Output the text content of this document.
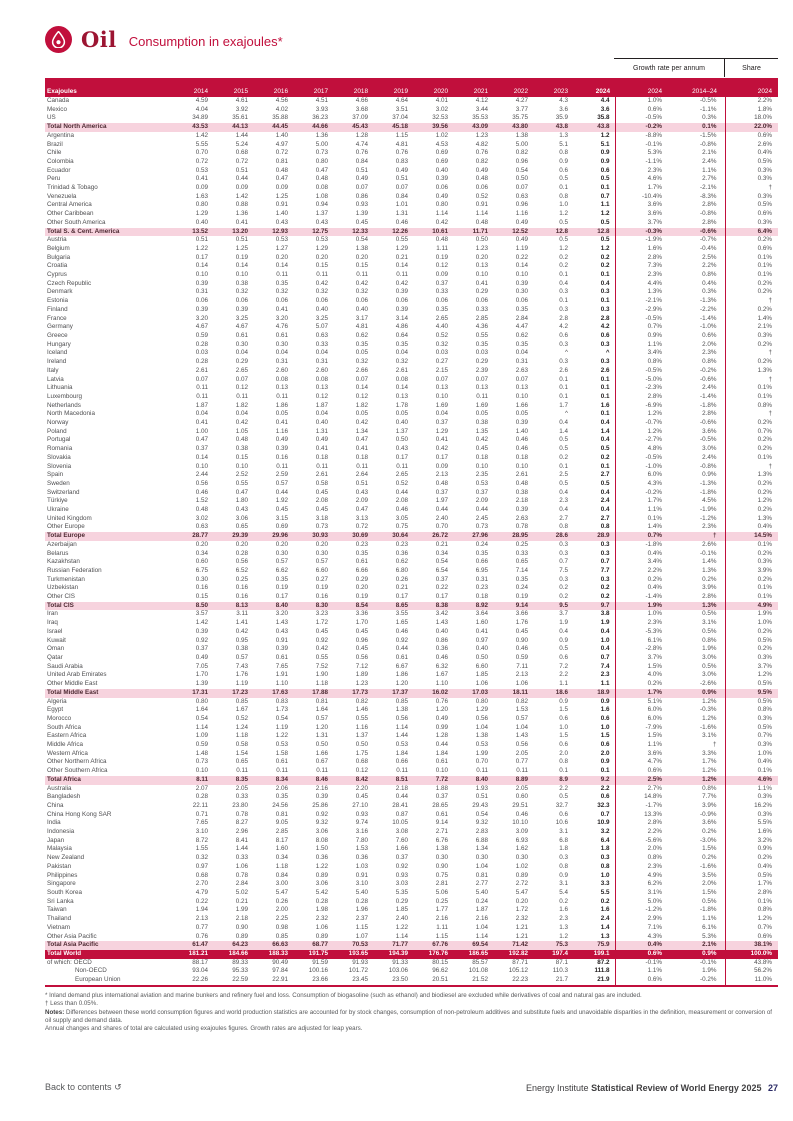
Oil Consumption in exajoules*
Growth rate per annum	Share
Exajoules	2014	2015	2016	2017	2018	2019	2020	2021	2022	2023	2024	2024	2014–24	2024
Canada	4.59	4.61	4.56	4.51	4.66	4.64	4.01	4.12	4.27	4.3	4.4	1.0%	-0.5%	2.2%
Mexico	4.04	3.92	4.02	3.93	3.68	3.51	3.02	3.44	3.77	3.6	3.6	0.6%	-1.1%	1.8%
US	34.89	35.61	35.88	36.23	37.09	37.04	32.53	35.53	35.75	35.9	35.8	-0.5%	0.3%	18.0%
Total North America	43.53	44.13	44.45	44.66	45.43	45.18	39.56	43.09	43.80	43.8	43.8	-0.2%	0.1%	22.0%
Argentina	1.42	1.44	1.40	1.36	1.28	1.15	1.02	1.23	1.38	1.3	1.2	-8.8%	-1.5%	0.6%
Brazil	5.55	5.24	4.97	5.00	4.74	4.81	4.53	4.82	5.00	5.1	5.1	-0.1%	-0.8%	2.6%
Chile	0.70	0.68	0.72	0.73	0.76	0.76	0.69	0.76	0.82	0.8	0.9	5.3%	2.1%	0.4%
Colombia	0.72	0.72	0.81	0.80	0.84	0.83	0.69	0.82	0.96	0.9	0.9	-1.1%	2.4%	0.5%
Ecuador	0.53	0.51	0.48	0.47	0.51	0.49	0.40	0.49	0.54	0.6	0.6	2.3%	1.1%	0.3%
Peru	0.41	0.44	0.47	0.48	0.49	0.51	0.39	0.48	0.50	0.5	0.5	4.6%	2.7%	0.3%
Trinidad & Tobago	0.09	0.09	0.09	0.08	0.07	0.07	0.06	0.06	0.07	0.1	0.1	1.7%	-2.1%	†
Venezuela	1.63	1.42	1.25	1.08	0.86	0.84	0.49	0.52	0.63	0.8	0.7	-10.4%	-8.3%	0.3%
Central America	0.80	0.88	0.91	0.94	0.93	1.01	0.80	0.91	0.96	1.0	1.1	3.6%	2.8%	0.5%
Other Caribbean	1.29	1.36	1.40	1.37	1.39	1.31	1.14	1.14	1.16	1.2	1.2	3.6%	-0.8%	0.6%
Other South America	0.40	0.41	0.43	0.43	0.45	0.46	0.42	0.48	0.49	0.5	0.5	3.7%	2.8%	0.3%
Total S. & Cent. America	13.52	13.20	12.93	12.75	12.33	12.26	10.61	11.71	12.52	12.8	12.8	-0.3%	-0.6%	6.4%
Austria	0.51	0.51	0.53	0.53	0.54	0.55	0.48	0.50	0.49	0.5	0.5	-1.9%	-0.7%	0.2%
Belgium	1.22	1.25	1.27	1.29	1.38	1.29	1.11	1.23	1.19	1.2	1.2	1.6%	-0.4%	0.6%
Bulgaria	0.17	0.19	0.20	0.20	0.20	0.21	0.19	0.20	0.22	0.2	0.2	2.8%	2.5%	0.1%
Croatia	0.14	0.14	0.14	0.15	0.15	0.14	0.12	0.13	0.14	0.2	0.2	7.3%	2.2%	0.1%
Cyprus	0.10	0.10	0.11	0.11	0.11	0.11	0.09	0.10	0.10	0.1	0.1	2.3%	0.8%	0.1%
Czech Republic	0.39	0.38	0.35	0.42	0.42	0.42	0.37	0.41	0.39	0.4	0.4	4.4%	0.4%	0.2%
Denmark	0.31	0.32	0.32	0.32	0.32	0.39	0.33	0.29	0.30	0.3	0.3	1.3%	0.3%	0.2%
Estonia	0.06	0.06	0.06	0.06	0.06	0.06	0.06	0.06	0.06	0.1	0.1	-2.1%	-1.3%	†
Finland	0.39	0.39	0.41	0.40	0.40	0.39	0.35	0.33	0.35	0.3	0.3	-2.9%	-2.2%	0.2%
France	3.20	3.25	3.20	3.25	3.17	3.14	2.65	2.85	2.84	2.8	2.8	-0.5%	-1.4%	1.4%
Germany	4.67	4.67	4.76	5.07	4.81	4.86	4.40	4.36	4.47	4.2	4.2	0.7%	-1.0%	2.1%
Greece	0.59	0.61	0.61	0.63	0.62	0.64	0.52	0.55	0.62	0.6	0.6	0.9%	0.6%	0.3%
Hungary	0.28	0.30	0.30	0.33	0.35	0.35	0.32	0.35	0.35	0.3	0.3	1.1%	2.0%	0.2%
Iceland	0.03	0.04	0.04	0.04	0.05	0.04	0.03	0.03	0.04	^	^	3.4%	2.3%	†
Ireland	0.28	0.29	0.31	0.31	0.32	0.32	0.27	0.29	0.31	0.3	0.3	0.8%	0.8%	0.2%
Italy	2.61	2.65	2.60	2.60	2.66	2.61	2.15	2.39	2.63	2.6	2.6	-0.5%	-0.2%	1.3%
Latvia	0.07	0.07	0.08	0.08	0.07	0.08	0.07	0.07	0.07	0.1	0.1	-5.0%	-0.6%	†
Lithuania	0.11	0.12	0.13	0.13	0.14	0.14	0.13	0.13	0.13	0.1	0.1	-2.3%	2.4%	0.1%
Luxembourg	0.11	0.11	0.11	0.12	0.12	0.13	0.10	0.11	0.10	0.1	0.1	2.8%	-1.4%	0.1%
Netherlands	1.87	1.82	1.86	1.87	1.82	1.78	1.69	1.69	1.66	1.7	1.6	-6.9%	-1.8%	0.8%
North Macedonia	0.04	0.04	0.05	0.04	0.05	0.05	0.04	0.05	0.05	^	0.1	1.2%	2.8%	†
Norway	0.41	0.42	0.41	0.40	0.42	0.40	0.37	0.38	0.39	0.4	0.4	-0.7%	-0.6%	0.2%
Poland	1.00	1.05	1.16	1.31	1.34	1.37	1.29	1.35	1.40	1.4	1.4	1.2%	3.6%	0.7%
Portugal	0.47	0.48	0.49	0.49	0.47	0.50	0.41	0.42	0.46	0.5	0.4	-2.7%	-0.5%	0.2%
Romania	0.37	0.38	0.39	0.41	0.41	0.43	0.42	0.45	0.46	0.5	0.5	4.8%	3.0%	0.2%
Slovakia	0.14	0.15	0.16	0.18	0.18	0.17	0.17	0.18	0.18	0.2	0.2	-0.5%	2.4%	0.1%
Slovenia	0.10	0.10	0.11	0.11	0.11	0.11	0.09	0.10	0.10	0.1	0.1	-1.0%	-0.8%	†
Spain	2.44	2.52	2.59	2.61	2.64	2.65	2.13	2.35	2.61	2.5	2.7	6.0%	0.9%	1.3%
Sweden	0.56	0.55	0.57	0.58	0.51	0.52	0.48	0.53	0.48	0.5	0.5	4.3%	-1.3%	0.2%
Switzerland	0.46	0.47	0.44	0.45	0.43	0.44	0.37	0.37	0.38	0.4	0.4	-0.2%	-1.8%	0.2%
Türkiye	1.52	1.80	1.92	2.08	2.09	2.08	1.97	2.09	2.18	2.3	2.4	1.7%	4.5%	1.2%
Ukraine	0.48	0.43	0.45	0.45	0.47	0.46	0.44	0.44	0.39	0.4	0.4	1.1%	-1.9%	0.2%
United Kingdom	3.02	3.06	3.15	3.18	3.13	3.05	2.40	2.45	2.63	2.7	2.7	0.1%	-1.2%	1.3%
Other Europe	0.63	0.65	0.69	0.73	0.72	0.75	0.70	0.73	0.78	0.8	0.8	1.4%	2.3%	0.4%
Total Europe	28.77	29.39	29.96	30.93	30.69	30.64	26.72	27.96	28.95	28.6	28.9	0.7%	†	14.5%
Azerbaijan	0.20	0.20	0.20	0.20	0.23	0.23	0.21	0.24	0.25	0.3	0.3	-1.8%	2.6%	0.1%
Belarus	0.34	0.28	0.30	0.30	0.35	0.36	0.34	0.35	0.33	0.3	0.3	0.4%	-0.1%	0.2%
Kazakhstan	0.60	0.56	0.57	0.57	0.61	0.62	0.54	0.66	0.65	0.7	0.7	3.4%	1.4%	0.3%
Russian Federation	6.75	6.52	6.62	6.60	6.66	6.80	6.54	6.95	7.14	7.5	7.7	2.2%	1.3%	3.9%
Turkmenistan	0.30	0.25	0.35	0.27	0.29	0.26	0.37	0.31	0.35	0.3	0.3	0.2%	0.2%	0.2%
Uzbekistan	0.16	0.16	0.19	0.19	0.20	0.21	0.22	0.23	0.24	0.2	0.2	0.4%	3.9%	0.1%
Other CIS	0.15	0.16	0.17	0.16	0.19	0.17	0.17	0.18	0.19	0.2	0.2	-1.4%	2.8%	0.1%
Total CIS	8.50	8.13	8.40	8.30	8.54	8.65	8.38	8.92	9.14	9.5	9.7	1.9%	1.3%	4.9%
Iran	3.57	3.11	3.20	3.23	3.36	3.55	3.42	3.64	3.66	3.7	3.8	1.0%	0.5%	1.9%
Iraq	1.42	1.41	1.43	1.72	1.70	1.65	1.43	1.60	1.76	1.9	1.9	2.3%	3.1%	1.0%
Israel	0.39	0.42	0.43	0.45	0.45	0.46	0.40	0.41	0.45	0.4	0.4	-5.3%	0.5%	0.2%
Kuwait	0.92	0.95	0.91	0.92	0.96	0.92	0.86	0.97	0.90	0.9	1.0	6.1%	0.8%	0.5%
Oman	0.37	0.38	0.39	0.42	0.45	0.44	0.36	0.40	0.46	0.5	0.4	-2.8%	1.9%	0.2%
Qatar	0.49	0.57	0.61	0.55	0.56	0.61	0.46	0.50	0.59	0.6	0.7	3.7%	3.0%	0.3%
Saudi Arabia	7.05	7.43	7.65	7.52	7.12	6.67	6.32	6.60	7.11	7.2	7.4	1.5%	0.5%	3.7%
United Arab Emirates	1.70	1.76	1.91	1.90	1.89	1.86	1.67	1.85	2.13	2.2	2.3	4.0%	3.0%	1.2%
Other Middle East	1.39	1.19	1.10	1.18	1.23	1.20	1.10	1.06	1.06	1.1	1.1	0.2%	-2.6%	0.5%
Total Middle East	17.31	17.23	17.63	17.88	17.73	17.37	16.02	17.03	18.11	18.6	18.9	1.7%	0.9%	9.5%
Algeria	0.80	0.85	0.83	0.81	0.82	0.85	0.76	0.80	0.82	0.9	0.9	5.1%	1.2%	0.5%
Egypt	1.64	1.67	1.73	1.64	1.46	1.38	1.20	1.29	1.53	1.5	1.6	6.0%	-0.3%	0.8%
Morocco	0.54	0.52	0.54	0.57	0.55	0.56	0.49	0.56	0.57	0.6	0.6	6.0%	1.2%	0.3%
South Africa	1.14	1.24	1.19	1.20	1.16	1.14	0.99	1.04	1.04	1.0	1.0	-7.9%	-1.6%	0.5%
Eastern Africa	1.09	1.18	1.22	1.31	1.37	1.44	1.28	1.38	1.43	1.5	1.5	1.5%	3.1%	0.7%
Middle Africa	0.59	0.58	0.53	0.50	0.50	0.53	0.44	0.53	0.56	0.6	0.6	1.1%	†	0.3%
Western Africa	1.48	1.54	1.58	1.66	1.75	1.84	1.84	1.99	2.05	2.0	2.0	3.6%	3.3%	1.0%
Other Northern Africa	0.73	0.65	0.61	0.67	0.68	0.66	0.61	0.70	0.77	0.8	0.9	4.7%	1.7%	0.4%
Other Southern Africa	0.10	0.11	0.11	0.11	0.12	0.11	0.10	0.11	0.11	0.1	0.1	0.6%	1.2%	0.1%
Total Africa	8.11	8.35	8.34	8.46	8.42	8.51	7.72	8.40	8.89	8.9	9.2	2.5%	1.2%	4.6%
Australia	2.07	2.05	2.06	2.16	2.20	2.18	1.88	1.93	2.05	2.2	2.2	2.7%	0.8%	1.1%
Bangladesh	0.28	0.33	0.35	0.39	0.45	0.44	0.37	0.51	0.60	0.5	0.6	14.8%	7.7%	0.3%
China	22.11	23.80	24.56	25.86	27.10	28.41	28.65	29.43	29.51	32.7	32.3	-1.7%	3.9%	16.2%
China Hong Kong SAR	0.71	0.78	0.81	0.92	0.93	0.87	0.61	0.54	0.46	0.6	0.7	13.3%	-0.9%	0.3%
India	7.65	8.27	9.05	9.32	9.74	10.05	9.14	9.32	10.10	10.6	10.9	2.8%	3.6%	5.5%
Indonesia	3.10	2.96	2.85	3.06	3.16	3.08	2.71	2.83	3.09	3.1	3.2	2.2%	0.2%	1.6%
Japan	8.72	8.41	8.17	8.08	7.80	7.60	6.76	6.88	6.93	6.8	6.4	-5.6%	-3.0%	3.2%
Malaysia	1.55	1.44	1.60	1.50	1.53	1.66	1.38	1.34	1.62	1.8	1.8	2.0%	1.5%	0.9%
New Zealand	0.32	0.33	0.34	0.36	0.36	0.37	0.30	0.30	0.30	0.3	0.3	0.8%	0.2%	0.2%
Pakistan	0.97	1.06	1.18	1.22	1.03	0.92	0.90	1.04	1.02	0.8	0.8	2.3%	-1.6%	0.4%
Philippines	0.68	0.78	0.84	0.89	0.91	0.93	0.75	0.81	0.89	0.9	1.0	4.9%	3.5%	0.5%
Singapore	2.70	2.84	3.00	3.06	3.10	3.03	2.81	2.77	2.72	3.1	3.3	6.2%	2.0%	1.7%
South Korea	4.79	5.02	5.47	5.42	5.40	5.35	5.06	5.40	5.47	5.4	5.5	3.1%	1.5%	2.8%
Sri Lanka	0.22	0.21	0.26	0.28	0.28	0.29	0.25	0.24	0.20	0.2	0.2	5.0%	0.5%	0.1%
Taiwan	1.94	1.99	2.00	1.98	1.96	1.85	1.77	1.87	1.72	1.6	1.6	-1.2%	-1.8%	0.8%
Thailand	2.13	2.18	2.25	2.32	2.37	2.40	2.16	2.16	2.32	2.3	2.4	2.9%	1.1%	1.2%
Vietnam	0.77	0.90	0.98	1.06	1.15	1.22	1.11	1.04	1.21	1.3	1.4	7.1%	6.1%	0.7%
Other Asia Pacific	0.76	0.89	0.85	0.89	1.07	1.14	1.15	1.14	1.21	1.2	1.3	4.3%	5.3%	0.6%
Total Asia Pacific	61.47	64.23	66.63	68.77	70.53	71.77	67.76	69.54	71.42	75.3	75.9	0.4%	2.1%	38.1%
Total World	181.21	184.66	188.33	191.75	193.65	194.39	176.76	186.65	192.82	197.4	199.1	0.6%	0.9%	100.0%
of which: OECD	88.17	89.33	90.49	91.59	91.93	91.33	80.15	85.57	87.71	87.1	87.2	-0.1%	-0.1%	43.8%
Non-OECD	93.04	95.33	97.84	100.16	101.72	103.06	96.62	101.08	105.12	110.3	111.8	1.1%	1.9%	56.2%
European Union	22.26	22.59	22.91	23.66	23.45	23.50	20.51	21.52	22.23	21.7	21.9	0.6%	-0.2%	11.0%
* Inland demand plus international aviation and marine bunkers and refinery fuel and loss. Consumption of biogasoline (such as ethanol) and biodiesel are excluded while derivatives of coal and natural gas are included.
† Less than 0.05%.
Notes: Differences between these world consumption figures and world production statistics are accounted for by stock changes, consumption of non-petroleum additives and substitute fuels and unavoidable disparities in the definition, measurement or conversion of oil supply and demand data.
Annual changes and shares of total are calculated using exajoules figures. Growth rates are adjusted for leap years.
Back to contents ↺	Energy Institute Statistical Review of World Energy 2025 27
